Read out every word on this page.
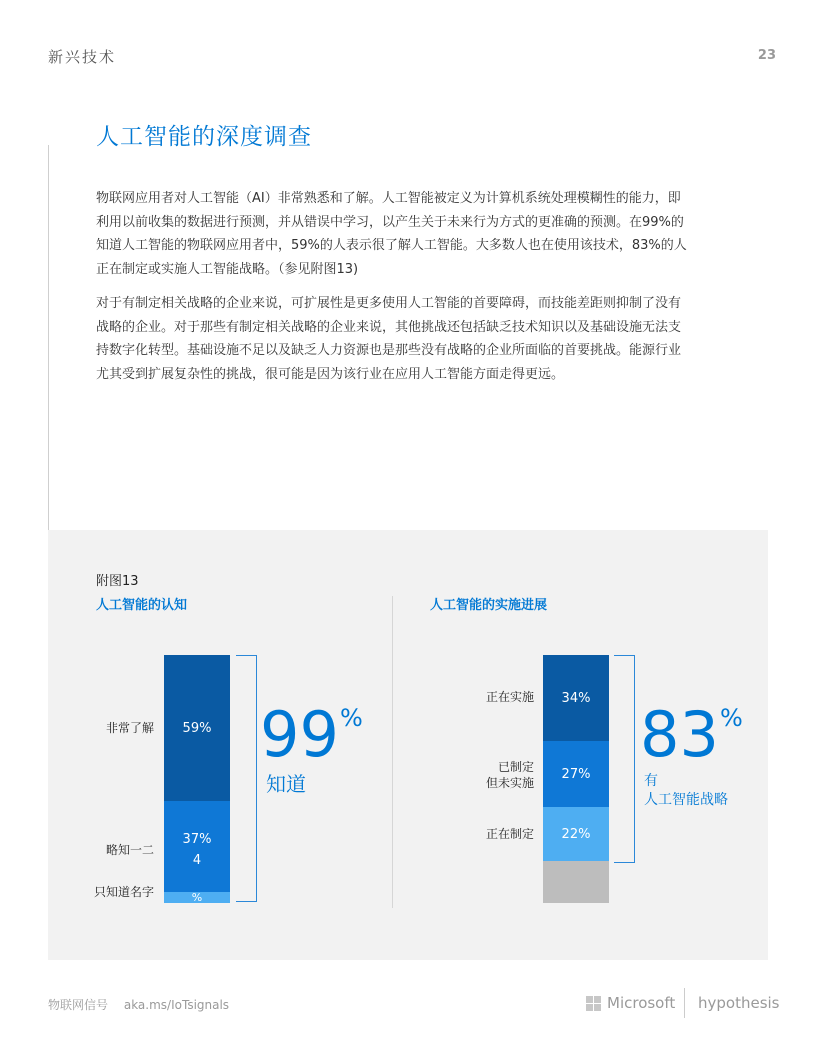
新兴技术	23
人工智能的深度调查

物联网应用者对人工智能（AI）非常熟悉和了解。人工智能被定义为计算机系统处理模糊性的能力，即利用以前收集的数据进行预测，并从错误中学习，以产生关于未来行为方式的更准确的预测。在99%的知道人工智能的物联网应用者中，59%的人表示很了解人工智能。大多数人也在使用该技术，83%的人正在制定或实施人工智能战略。（参见附图13)

对于有制定相关战略的企业来说，可扩展性是更多使用人工智能的首要障碍，而技能差距则抑制了没有战略的企业。对于那些有制定相关战略的企业来说，其他挑战还包括缺乏技术知识以及基础设施无法支持数字化转型。基础设施不足以及缺乏人力资源也是那些没有战略的企业所面临的首要挑战。能源行业尤其受到扩展复杂性的挑战，很可能是因为该行业在应用人工智能方面走得更远。

附图13
人工智能的认知	人工智能的实施进展
59%
37%
4
%
非常了解
略知一二
只知道名字
99 %
知道
34%
27%
22%
正在实施
已制定
但未实施
正在制定
83 %
有
人工智能战略
物联网信号 aka.ms/IoTsignals	Microsoft hypothesis
